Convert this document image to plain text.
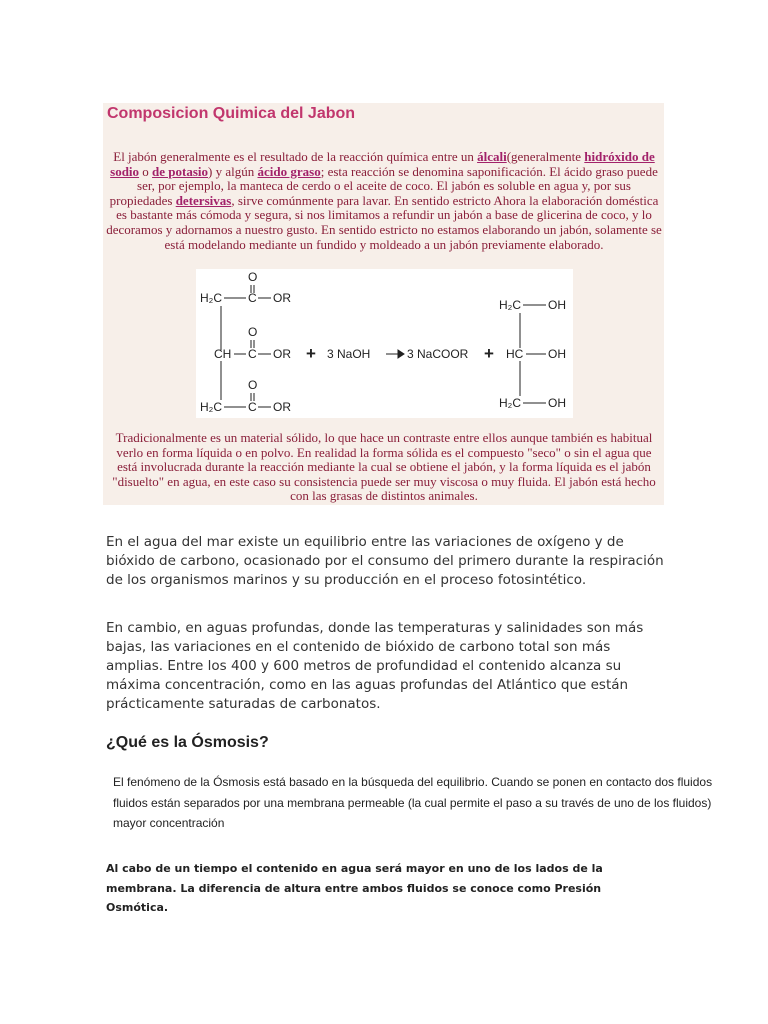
Composicion Quimica del Jabon

El jabón generalmente es el resultado de la reacción química entre un álcali(generalmente hidróxido de sodio o de potasio) y algún ácido graso; esta reacción se denomina saponificación. El ácido graso puede ser, por ejemplo, la manteca de cerdo o el aceite de coco. El jabón es soluble en agua y, por sus propiedades detersivas, sirve comúnmente para lavar. En sentido estricto Ahora la elaboración doméstica es bastante más cómoda y segura, si nos limitamos a refundir un jabón a base de glicerina de coco, y lo decoramos y adornamos a nuestro gusto. En sentido estricto no estamos elaborando un jabón, solamente se está modelando mediante un fundido y moldeado a un jabón previamente elaborado.

O
H₂C C OR
O
CH C OR + 3 NaOH	3 NaCOOR +
O
H₂C C OR
H₂C OH
HC OH
H₂C OH

Tradicionalmente es un material sólido, lo que hace un contraste entre ellos aunque también es habitual verlo en forma líquida o en polvo. En realidad la forma sólida es el compuesto "seco" o sin el agua que está involucrada durante la reacción mediante la cual se obtiene el jabón, y la forma líquida es el jabón "disuelto" en agua, en este caso su consistencia puede ser muy viscosa o muy fluida. El jabón está hecho con las grasas de distintos animales.

En el agua del mar existe un equilibrio entre las variaciones de oxígeno y de bióxido de carbono, ocasionado por el consumo del primero durante la respiración de los organismos marinos y su producción en el proceso fotosintético.

En cambio, en aguas profundas, donde las temperaturas y salinidades son más bajas, las variaciones en el contenido de bióxido de carbono total son más amplias. Entre los 400 y 600 metros de profundidad el contenido alcanza su máxima concentración, como en las aguas profundas del Atlántico que están prácticamente saturadas de carbonatos.

¿Qué es la Ósmosis?

El fenómeno de la Ósmosis está basado en la búsqueda del equilibrio. Cuando se ponen en contacto dos fluidos
fluidos están separados por una membrana permeable (la cual permite el paso a su través de uno de los fluidos)
mayor concentración

Al cabo de un tiempo el contenido en agua será mayor en uno de los lados de la membrana. La diferencia de altura entre ambos fluidos se conoce como Presión Osmótica.
